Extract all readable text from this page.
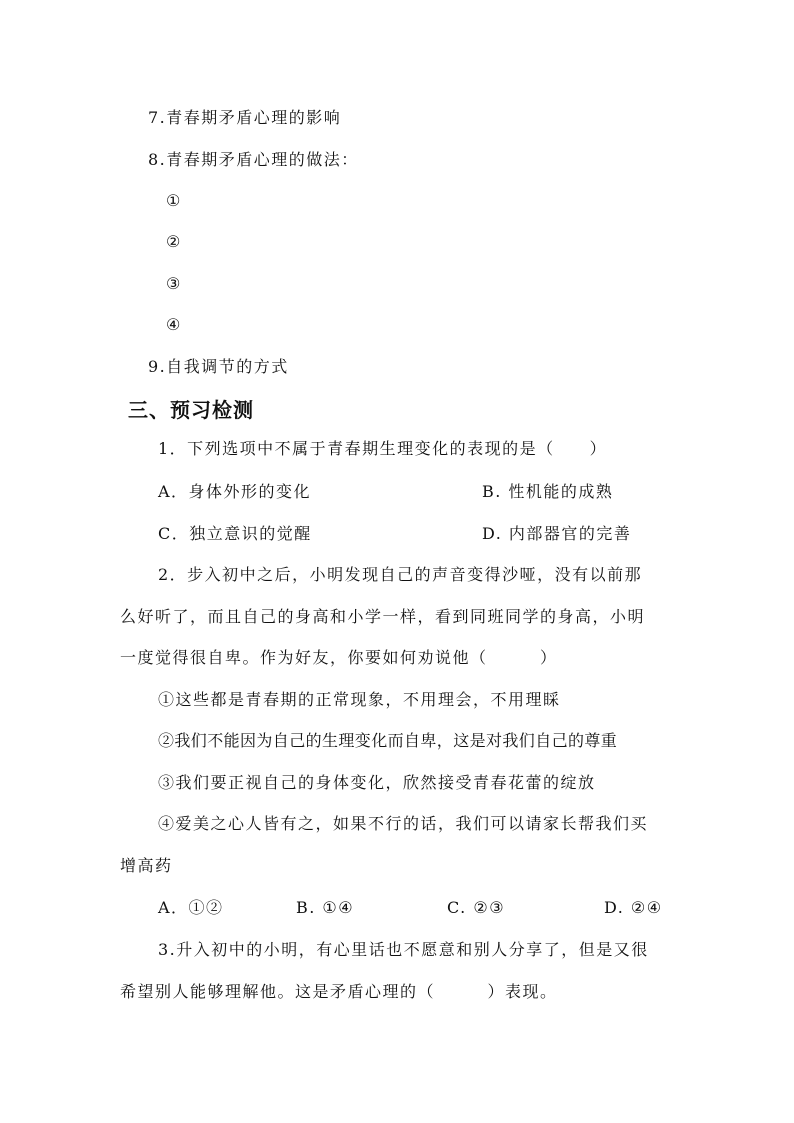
7.青春期矛盾心理的影响
8.青春期矛盾心理的做法：
①
②
③
④
9.自我调节的方式
三、预习检测
1．下列选项中不属于青春期生理变化的表现的是（　　）
A．身体外形的变化	B. 性机能的成熟
C．独立意识的觉醒	D. 内部器官的完善
2．步入初中之后，小明发现自己的声音变得沙哑，没有以前那
么好听了，而且自己的身高和小学一样，看到同班同学的身高，小明
一度觉得很自卑。作为好友，你要如何劝说他（　　　）
①这些都是青春期的正常现象，不用理会，不用理睬
②我们不能因为自己的生理变化而自卑，这是对我们自己的尊重
③我们要正视自己的身体变化，欣然接受青春花蕾的绽放
④爱美之心人皆有之，如果不行的话，我们可以请家长帮我们买
增高药
A．①②	B. ①④	C. ②③	D. ②④
3.升入初中的小明，有心里话也不愿意和别人分享了，但是又很
希望别人能够理解他。这是矛盾心理的（　　　）表现。
